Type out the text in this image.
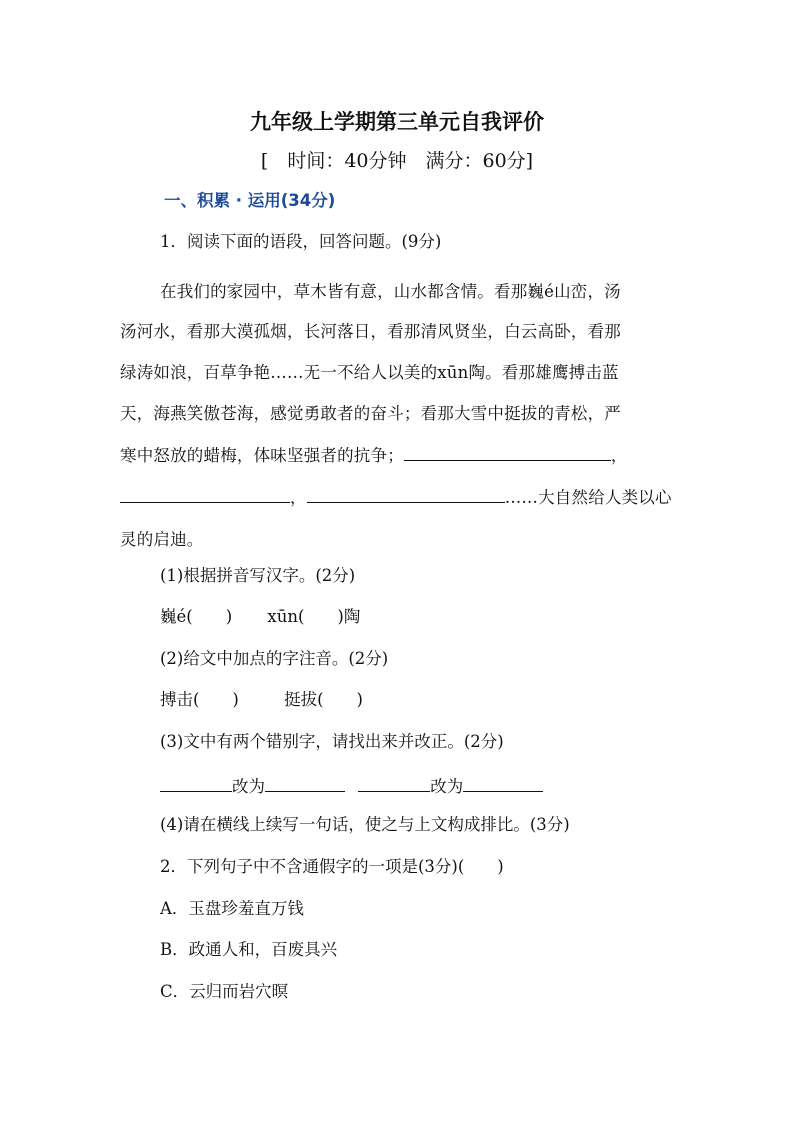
九年级上学期第三单元自我评价
[　时间：40分钟　满分：60分]
一、积累 · 运用(34分)
1．阅读下面的语段，回答问题。(9分)
在我们的家园中，草木皆有意，山水都含情。看那巍é山峦，汤
汤河水，看那大漠孤烟，长河落日，看那清风贤坐，白云高卧，看那
绿涛如浪，百草争艳……无一不给人以美的xūn陶。看那雄鹰搏击蓝
天，海燕笑傲苍海，感觉勇敢者的奋斗；看那大雪中挺拔的青松，严
寒中怒放的蜡梅，体味坚强者的抗争；	，
，	……大自然给人类以心
灵的启迪。
(1)根据拼音写汉字。(2分)
巍é(　　) xūn(　　)陶
(2)给文中加点的字注音。(2分)
搏击(　　)	挺拔(　　)
(3)文中有两个错别字，请找出来并改正。(2分)
改为	改为
(4)请在横线上续写一句话，使之与上文构成排比。(3分)
2．下列句子中不含通假字的一项是(3分)(　　)
A．玉盘珍羞直万钱
B．政通人和，百废具兴
C．云归而岩穴暝
